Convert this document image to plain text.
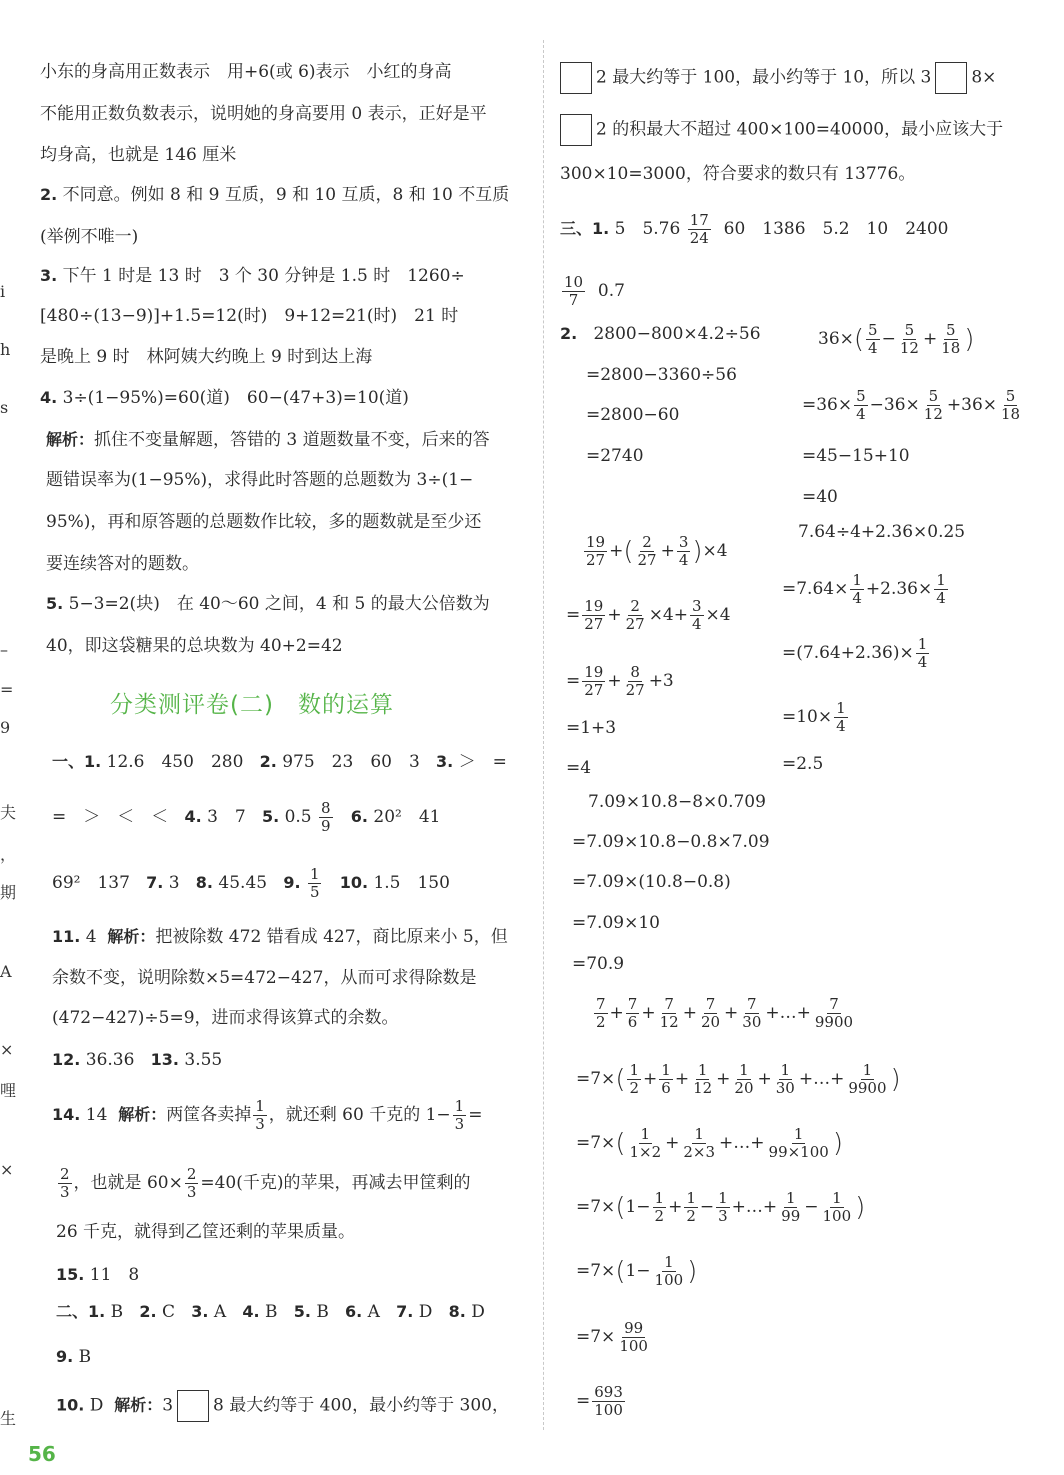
i
h
s
–
=
9
夫
，
期
A
×
哩
×
生
小东的身高用正数表示　用+6(或 6)表示　小红的身高
不能用正数负数表示，说明她的身高要用 0 表示，正好是平
均身高，也就是 146 厘米
2. 不同意。例如 8 和 9 互质，9 和 10 互质，8 和 10 不互质
(举例不唯一)
3. 下午 1 时是 13 时　3 个 30 分钟是 1.5 时　1260÷
[480÷(13−9)]+1.5=12(时)　9+12=21(时)　21 时
是晚上 9 时　林阿姨大约晚上 9 时到达上海
4. 3÷(1−95%)=60(道)　60−(47+3)=10(道)
解析：抓住不变量解题，答错的 3 道题数量不变，后来的答
题错误率为(1−95%)，求得此时答题的总题数为 3÷(1−
95%)，再和原答题的总题数作比较，多的题数就是至少还
要连续答对的题数。
5. 5−3=2(块)　在 40～60 之间，4 和 5 的最大公倍数为
40，即这袋糖果的总块数为 40+2=42
分类测评卷(二)　数的运算
一、1. 12.6　450　280 2. 975　23　60　3 3. ＞　=
=　＞　＜　＜ 4. 3　7 5. $0.5 \frac{8}{9} 6$. 20²　41
69²　137 7. 3 8. 45.45 9. $\frac{1}{5} 10$. 1.5　150
11. 4 解析：把被除数 472 错看成 427，商比原来小 5，但
余数不变，说明除数×5=472−427，从而可求得除数是
(472−427)÷5=9，进而求得该算式的余数。
12. 36.36 13. 3.55
14. 14 解析：两筐各卖掉 $\frac{1}{3}$ ，就还剩 60 千克的 $1- \frac{1}{3}$ =
$\frac{2}{3}$ ，也就是 $60\times \frac{2}{3} =40$(千克)的苹果，再减去甲筐剩的
26 千克，就得到乙筐还剩的苹果质量。
15. 11　8
二、1. B 2. C 3. A 4. B 5. B 6. A 7. D 8. D
9. B
10. D 解析：3 8 最大约等于 400，最小约等于 300，
2 最大约等于 100，最小约等于 10，所以 3 8×
2 的积最大不超过 400×100=40000，最小应该大于
300×10=3000，符合要求的数只有 13776。
三、1. 5　$5.76 \frac{17}{24} 60$　1386　5.2　10　2400
$\frac{10}{7} 0.7$
2. 2800−800×4.2÷56
=2800−3360÷56
=2800−60
=2740
$36\times( \frac{5}{4} - \frac{5}{12} + \frac{5}{18}$ )
$=36\times \frac{5}{4} -36\times \frac{5}{12} +36\times \frac{5}{18}$
=45−15+10
=40
$\frac{19}{27}$ +( $\frac{2}{27} + \frac{3}{4} )\times 4$
= $\frac{19}{27} + \frac{2}{27} \times 4+ \frac{3}{4} \times 4$
= $\frac{19}{27} + \frac{8}{27} +3$
=1+3
=4
7.64÷4+2.36×0.25
$=7.64\times \frac{1}{4} +2.36\times \frac{1}{4}$
$=(7.64+2.36)\times \frac{1}{4}$
$=10\times \frac{1}{4}$
=2.5
7.09×10.8−8×0.709
=7.09×10.8−0.8×7.09
=7.09×(10.8−0.8)
=7.09×10
=70.9
$\frac{7}{2} + \frac{7}{6} + \frac{7}{12} + \frac{7}{20} + \frac{7}{30}$ +…+ $\frac{7}{9900}$
$=7\times( \frac{1}{2} + \frac{1}{6} + \frac{1}{12} + \frac{1}{20} + \frac{1}{30}$ +…+ $\frac{1}{9900}$ )
$=7\times( \frac{1}{1\times 2} + \frac{1}{2\times 3}$ +…+ $\frac{1}{99\times 100}$ )
$=7\times(1- \frac{1}{2} + \frac{1}{2} - \frac{1}{3}$ +…+ $\frac{1}{99} - \frac{1}{100}$ )
$=7\times(1- \frac{1}{100}$ )
$=7\times \frac{99}{100}$
= $\frac{693}{100}$
56
